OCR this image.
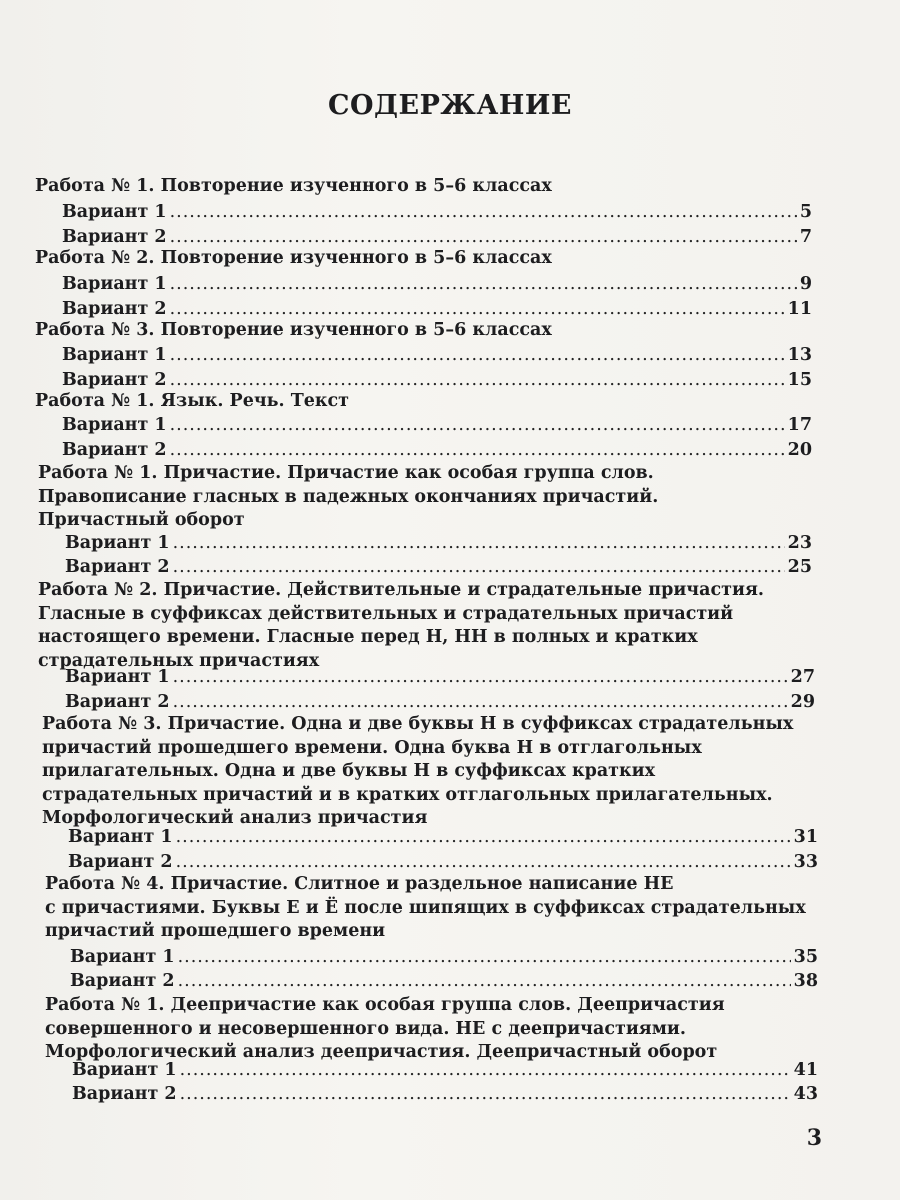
СОДЕРЖАНИЕ
Работа № 1. Повторение изученного в 5–6 классах
Вариант 1 .....	5
Вариант 2 .....	7
Работа № 2. Повторение изученного в 5–6 классах
Вариант 1 .....	9
Вариант 2 .....	11
Работа № 3. Повторение изученного в 5–6 классах
Вариант 1 .....	13
Вариант 2 .....	15
Работа № 1. Язык. Речь. Текст
Вариант 1 .....	17
Вариант 2 .....	20
Работа № 1. Причастие. Причастие как особая группа слов.
Правописание гласных в падежных окончаниях причастий.
Причастный оборот
Вариант 1 .....	23
Вариант 2 .....	25
Работа № 2. Причастие. Действительные и страдательные причастия.
Гласные в суффиксах действительных и страдательных причастий
настоящего времени. Гласные перед Н, НН в полных и кратких
страдательных причастиях
Вариант 1 .....	27
Вариант 2 .....	29
Работа № 3. Причастие. Одна и две буквы Н в суффиксах страдательных
причастий прошедшего времени. Одна буква Н в отглагольных
прилагательных. Одна и две буквы Н в суффиксах кратких
страдательных причастий и в кратких отглагольных прилагательных.
Морфологический анализ причастия
Вариант 1 .....	31
Вариант 2 .....	33
Работа № 4. Причастие. Слитное и раздельное написание НЕ
с причастиями. Буквы Е и Ё после шипящих в суффиксах страдательных
причастий прошедшего времени
Вариант 1 .....	35
Вариант 2 .....	38
Работа № 1. Деепричастие как особая группа слов. Деепричастия
совершенного и несовершенного вида. НЕ с деепричастиями.
Морфологический анализ деепричастия. Деепричастный оборот
Вариант 1 .....	41
Вариант 2 .....	43
3
